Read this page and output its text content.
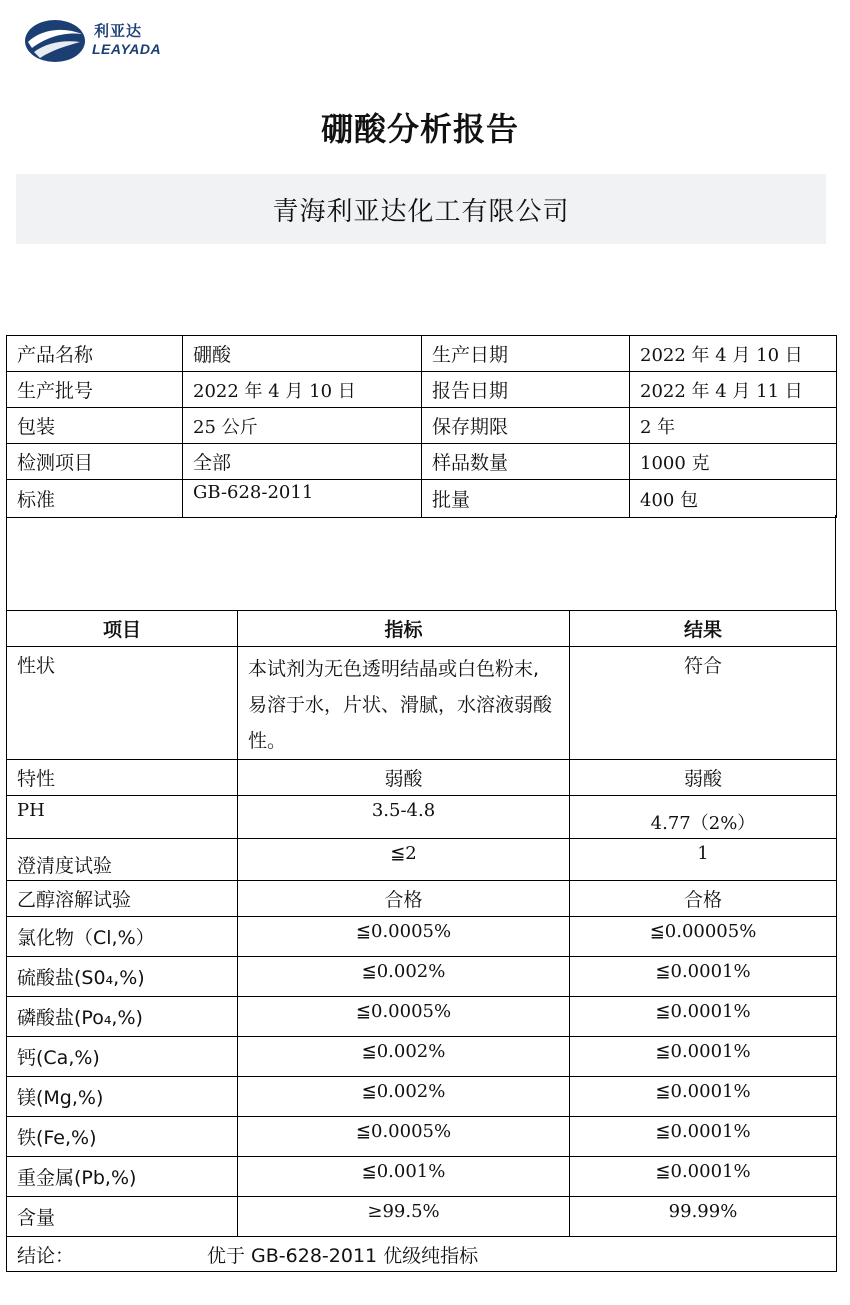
利亚达
LEAYADA
硼酸分析报告
青海利亚达化工有限公司
产品名称	硼酸	生产日期	2022 年 4 月 10 日
生产批号	2022 年 4 月 10 日	报告日期	2022 年 4 月 11 日
包装	25 公斤	保存期限	2 年
检测项目	全部	样品数量	1000 克
标准	GB-628-2011	批量	400 包
项目	指标	结果
性状	本试剂为无色透明结晶或白色粉末, 易溶于水，片状、滑腻，水溶液弱酸性。	符合
特性	弱酸	弱酸
PH	3.5-4.8	4.77（2%）
澄清度试验	≦2	1
乙醇溶解试验	合格	合格
氯化物（Cl,%）	≦0.0005%	≦0.00005%
硫酸盐(S0₄,%)	≦0.002%	≦0.0001%
磷酸盐(Po₄,%)	≦0.0005%	≦0.0001%
钙(Ca,%)	≦0.002%	≦0.0001%
镁(Mg,%)	≦0.002%	≦0.0001%
铁(Fe,%)	≦0.0005%	≦0.0001%
重金属(Pb,%)	≦0.001%	≦0.0001%
含量	≥99.5%	99.99%
结论： 优于 GB-628-2011 优级纯指标		
